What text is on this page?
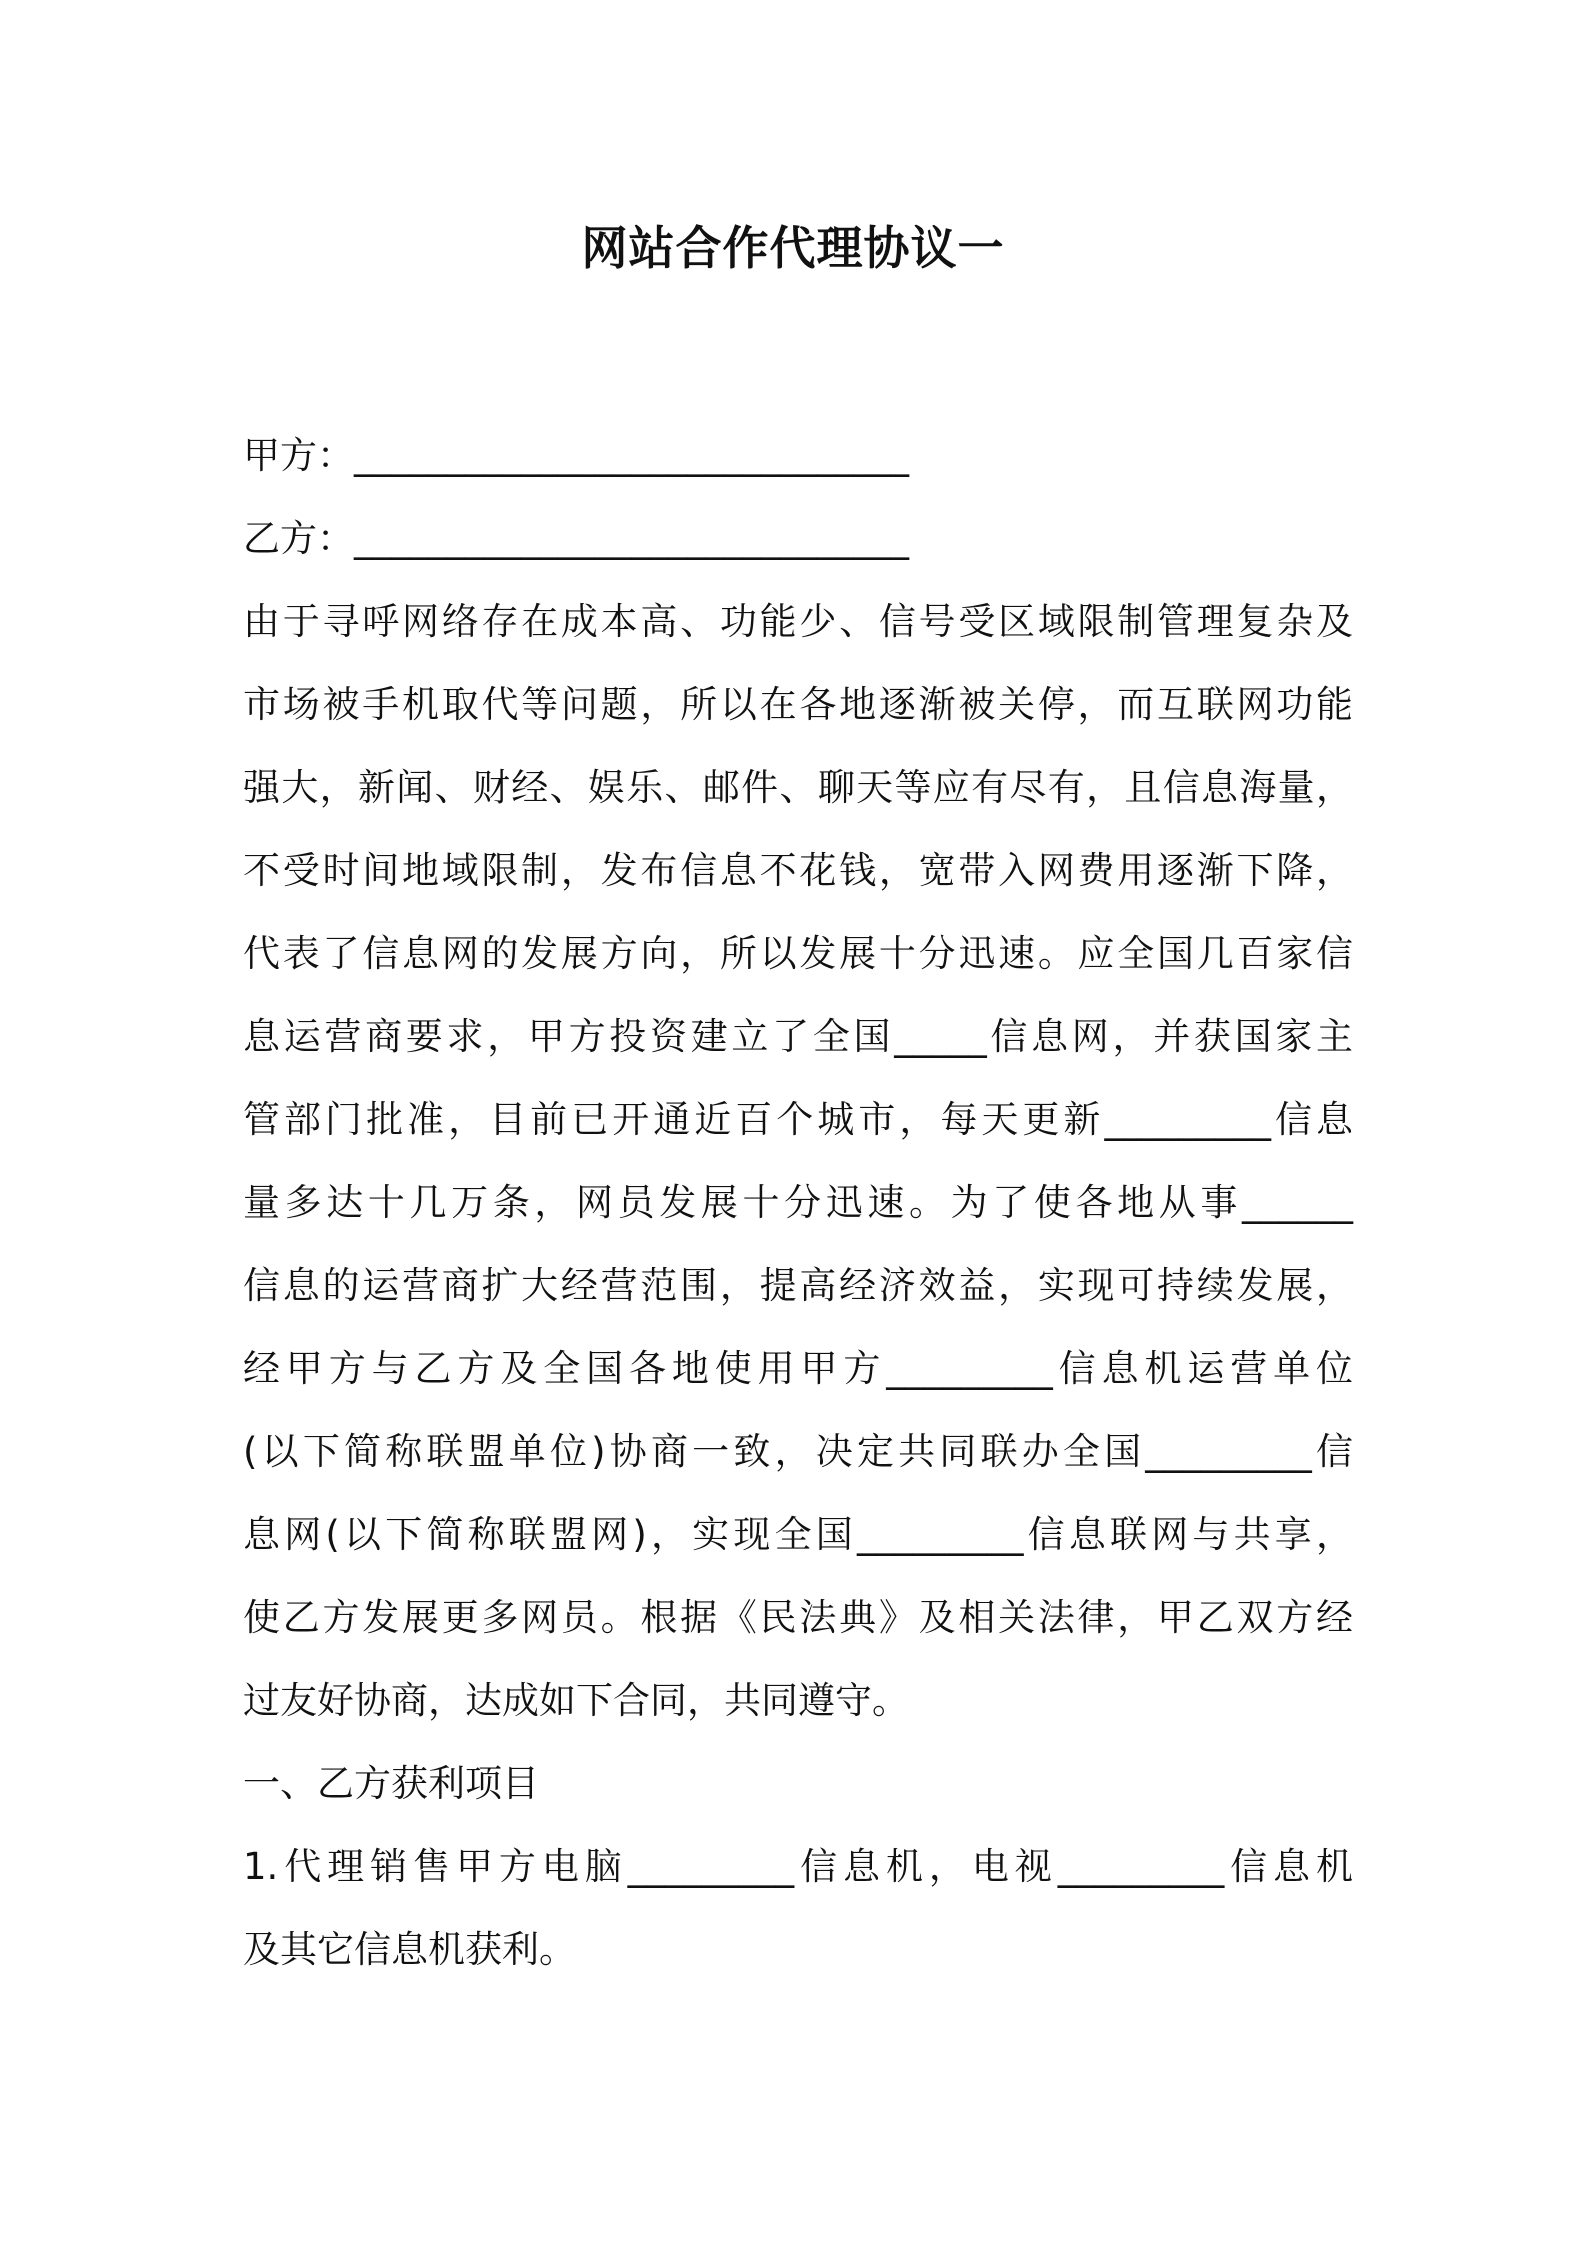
网站合作代理协议一
甲方：______________________________
乙方：______________________________
由于寻呼网络存在成本高、功能少、信号受区域限制管理复杂及
市场被手机取代等问题，所以在各地逐渐被关停，而互联网功能
强大，新闻、财经、娱乐、邮件、聊天等应有尽有，且信息海量，
不受时间地域限制，发布信息不花钱，宽带入网费用逐渐下降，
代表了信息网的发展方向，所以发展十分迅速。应全国几百家信
息运营商要求，甲方投资建立了全国_____信息网，并获国家主
管部门批准，目前已开通近百个城市，每天更新_________信息
量多达十几万条，网员发展十分迅速。为了使各地从事______
信息的运营商扩大经营范围，提高经济效益，实现可持续发展，
经甲方与乙方及全国各地使用甲方_________信息机运营单位
(以下简称联盟单位)协商一致，决定共同联办全国_________信
息网(以下简称联盟网)，实现全国_________信息联网与共享，
使乙方发展更多网员。根据《民法典》及相关法律，甲乙双方经
过友好协商，达成如下合同，共同遵守。
一、乙方获利项目
1.代理销售甲方电脑_________信息机，电视_________信息机
及其它信息机获利。
